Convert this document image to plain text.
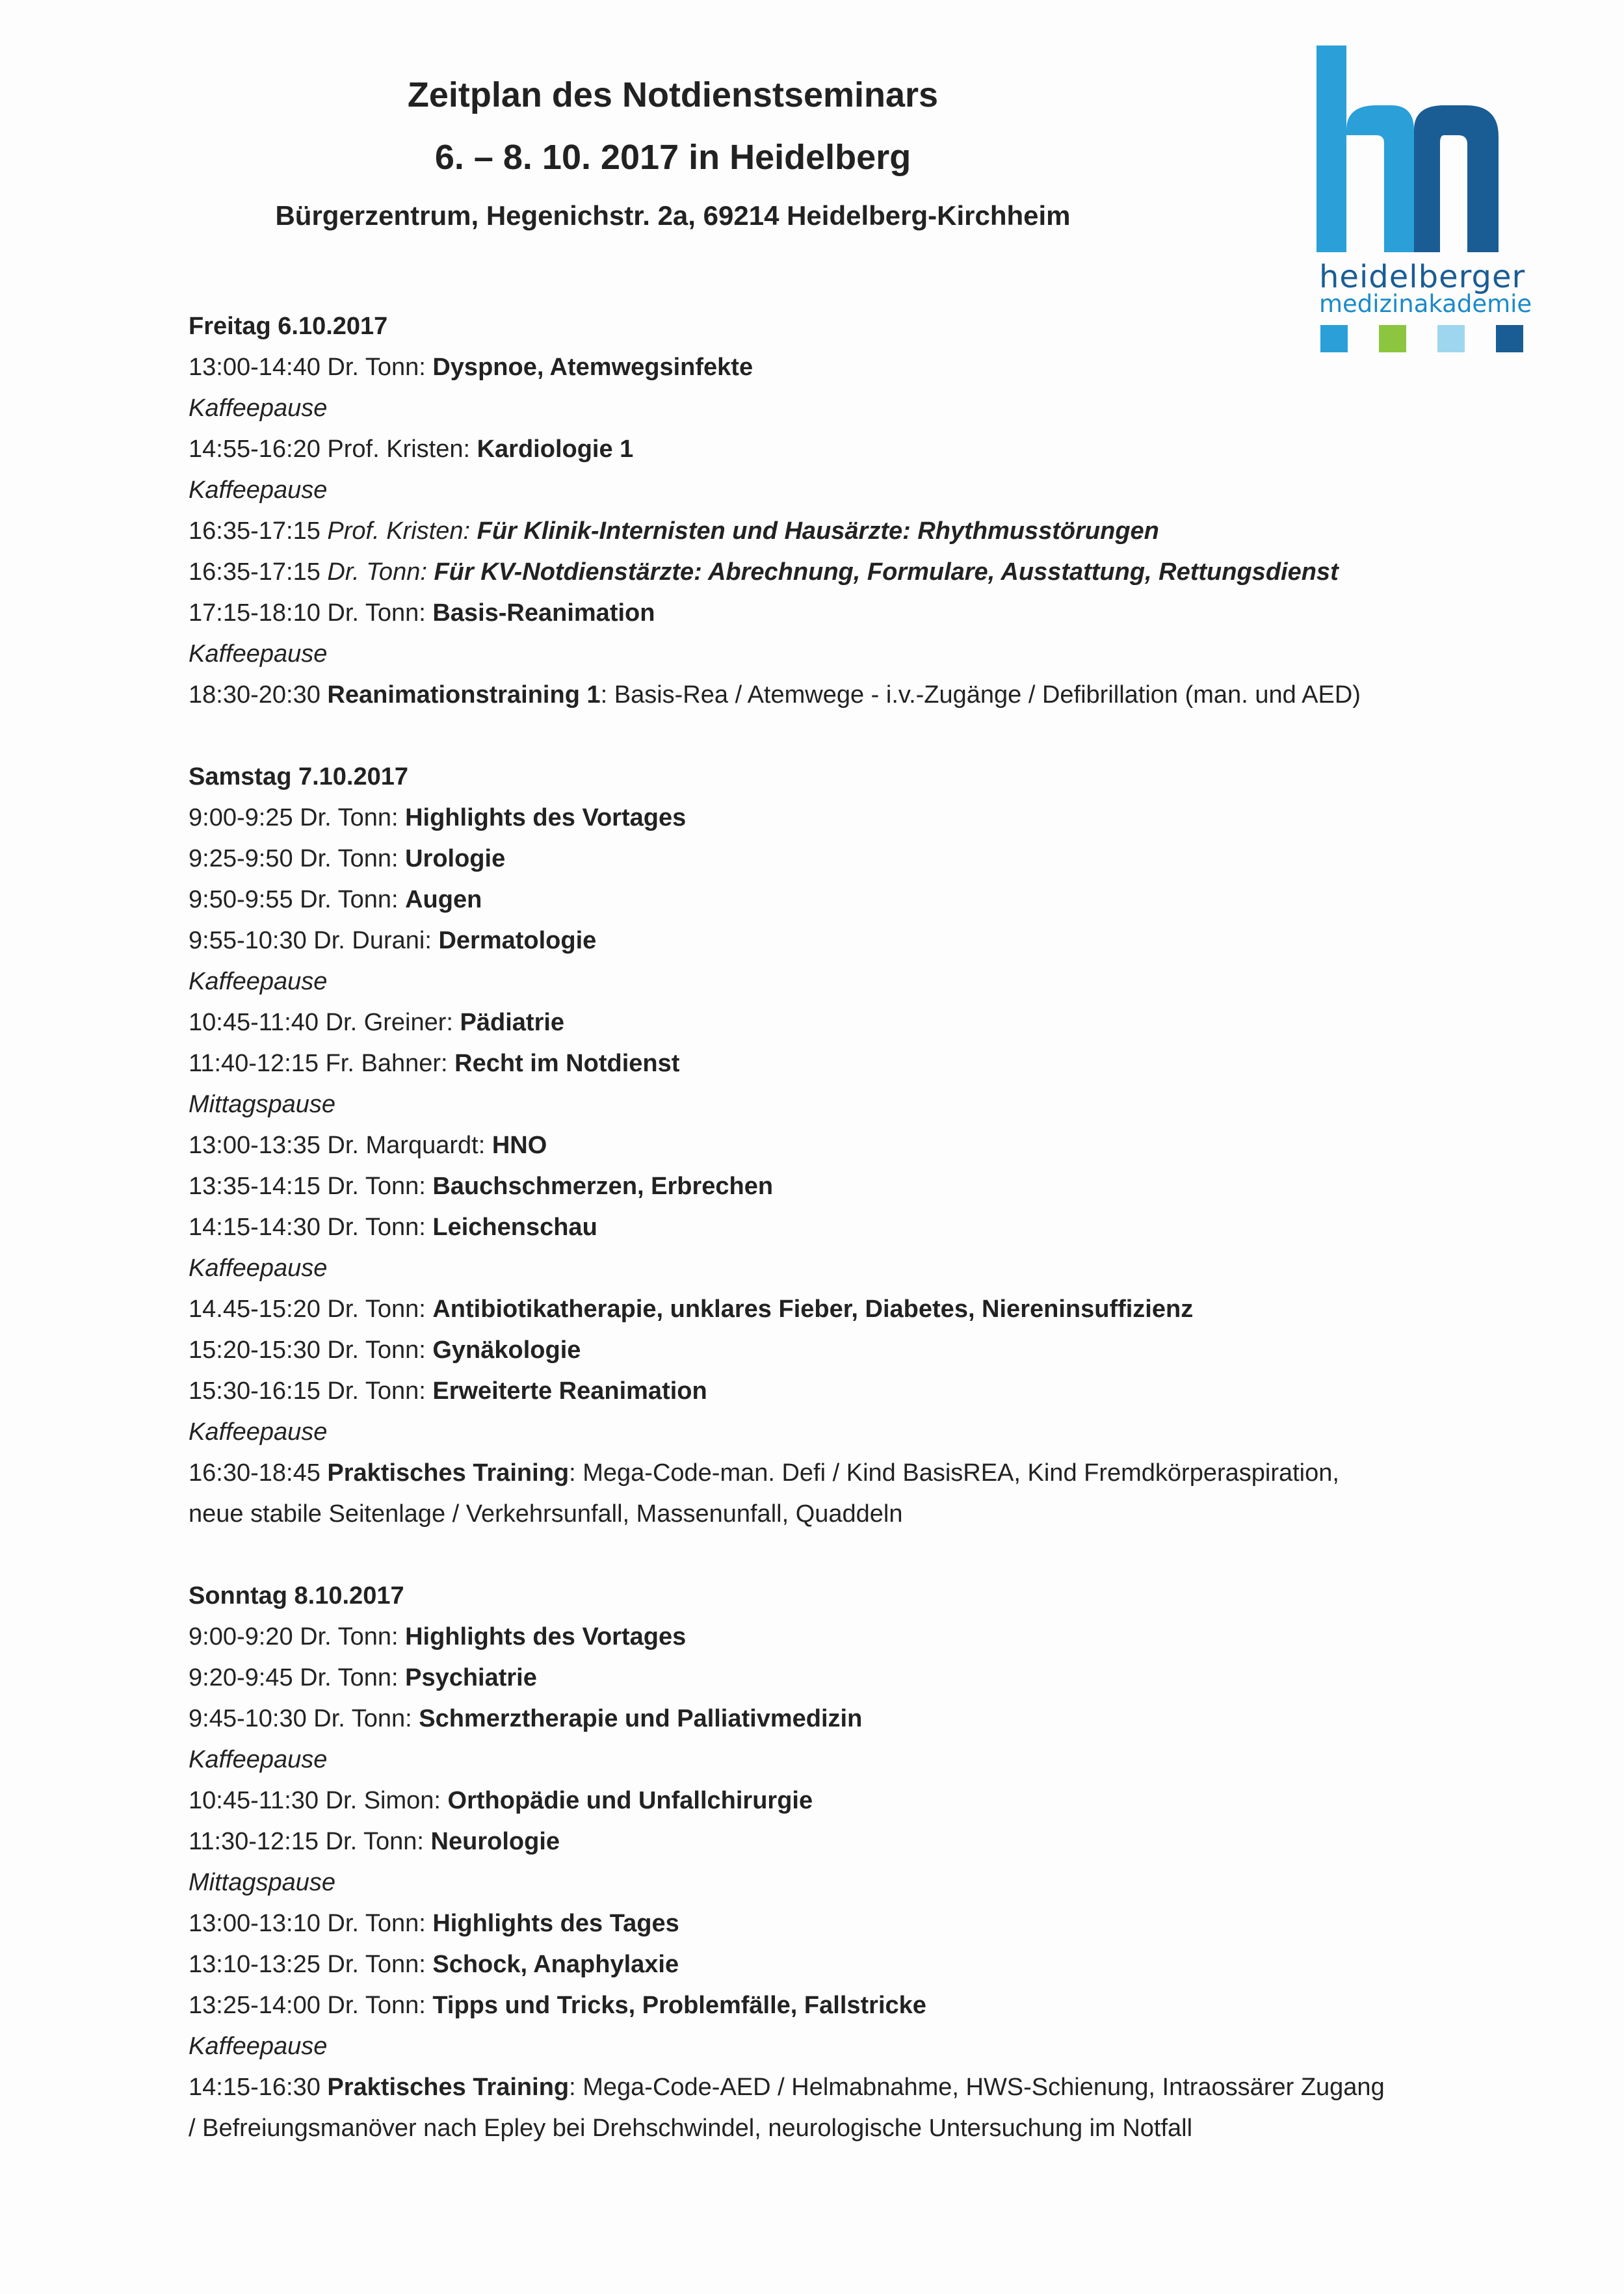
Zeitplan des Notdienstseminars
6. – 8. 10. 2017 in Heidelberg
Bürgerzentrum, Hegenichstr. 2a, 69214 Heidelberg-Kirchheim
heidelberger
medizinakademie
Freitag 6.10.2017
13:00-14:40 Dr. Tonn: Dyspnoe, Atemwegsinfekte
Kaffeepause
14:55-16:20 Prof. Kristen: Kardiologie 1
Kaffeepause
16:35-17:15 Prof. Kristen: Für Klinik-Internisten und Hausärzte: Rhythmusstörungen
16:35-17:15 Dr. Tonn: Für KV-Notdienstärzte: Abrechnung, Formulare, Ausstattung, Rettungsdienst
17:15-18:10 Dr. Tonn: Basis-Reanimation
Kaffeepause
18:30-20:30 Reanimationstraining 1: Basis-Rea / Atemwege - i.v.-Zugänge / Defibrillation (man. und AED)
Samstag 7.10.2017
9:00-9:25 Dr. Tonn: Highlights des Vortages
9:25-9:50 Dr. Tonn: Urologie
9:50-9:55 Dr. Tonn: Augen
9:55-10:30 Dr. Durani: Dermatologie
Kaffeepause
10:45-11:40 Dr. Greiner: Pädiatrie
11:40-12:15 Fr. Bahner: Recht im Notdienst
Mittagspause
13:00-13:35 Dr. Marquardt: HNO
13:35-14:15 Dr. Tonn: Bauchschmerzen, Erbrechen
14:15-14:30 Dr. Tonn: Leichenschau
Kaffeepause
14.45-15:20 Dr. Tonn: Antibiotikatherapie, unklares Fieber, Diabetes, Niereninsuffizienz
15:20-15:30 Dr. Tonn: Gynäkologie
15:30-16:15 Dr. Tonn: Erweiterte Reanimation
Kaffeepause
16:30-18:45 Praktisches Training: Mega-Code-man. Defi / Kind BasisREA, Kind Fremdkörperaspiration,
neue stabile Seitenlage / Verkehrsunfall, Massenunfall, Quaddeln
Sonntag 8.10.2017
9:00-9:20 Dr. Tonn: Highlights des Vortages
9:20-9:45 Dr. Tonn: Psychiatrie
9:45-10:30 Dr. Tonn: Schmerztherapie und Palliativmedizin
Kaffeepause
10:45-11:30 Dr. Simon: Orthopädie und Unfallchirurgie
11:30-12:15 Dr. Tonn: Neurologie
Mittagspause
13:00-13:10 Dr. Tonn: Highlights des Tages
13:10-13:25 Dr. Tonn: Schock, Anaphylaxie
13:25-14:00 Dr. Tonn: Tipps und Tricks, Problemfälle, Fallstricke
Kaffeepause
14:15-16:30 Praktisches Training: Mega-Code-AED / Helmabnahme, HWS-Schienung, Intraossärer Zugang
/ Befreiungsmanöver nach Epley bei Drehschwindel, neurologische Untersuchung im Notfall
